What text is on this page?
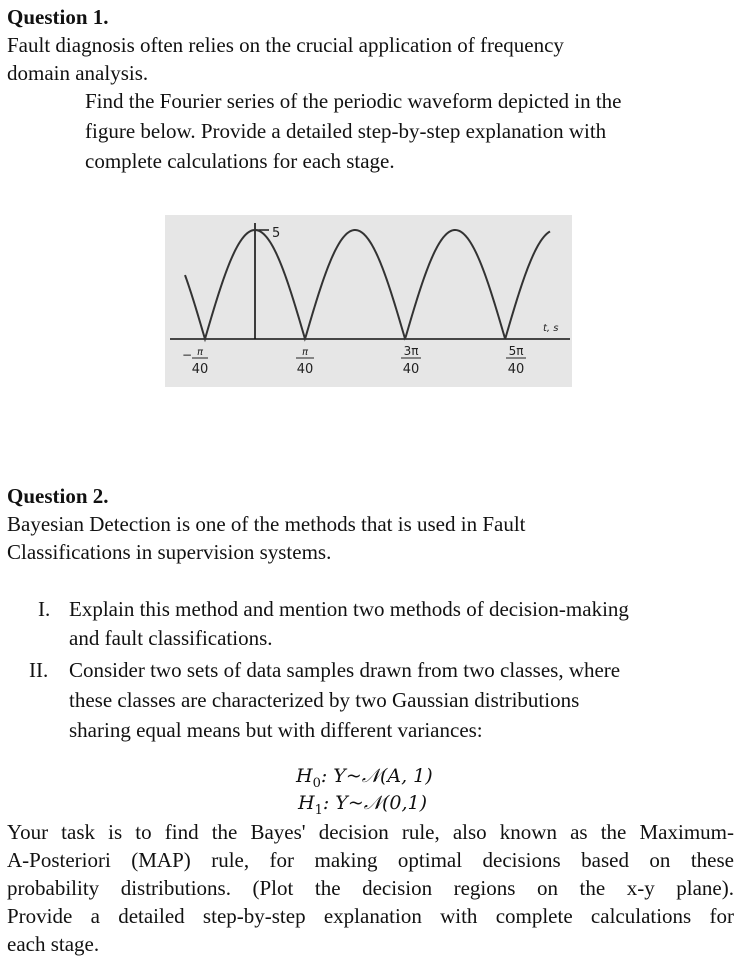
Question 1.
Fault diagnosis often relies on the crucial application of frequency
domain analysis.
Find the Fourier series of the periodic waveform depicted in the
figure below. Provide a detailed step-by-step explanation with
complete calculations for each stage.
5
t, s
− π
40
π
40
3π
40
5π
40
Question 2.
Bayesian Detection is one of the methods that is used in Fault
Classifications in supervision systems.
I. Explain this method and mention two methods of decision-making
and fault classifications.
II. Consider two sets of data samples drawn from two classes, where
these classes are characterized by two Gaussian distributions
sharing equal means but with different variances:
$H_0$: Y~𝒩(A, 1)
$H_1$: Y~𝒩(0,1)
Your task is to find the Bayes' decision rule, also known as the Maximum-
A-Posteriori (MAP) rule, for making optimal decisions based on these
probability distributions. (Plot the decision regions on the x-y plane).
Provide a detailed step-by-step explanation with complete calculations for
each stage.
